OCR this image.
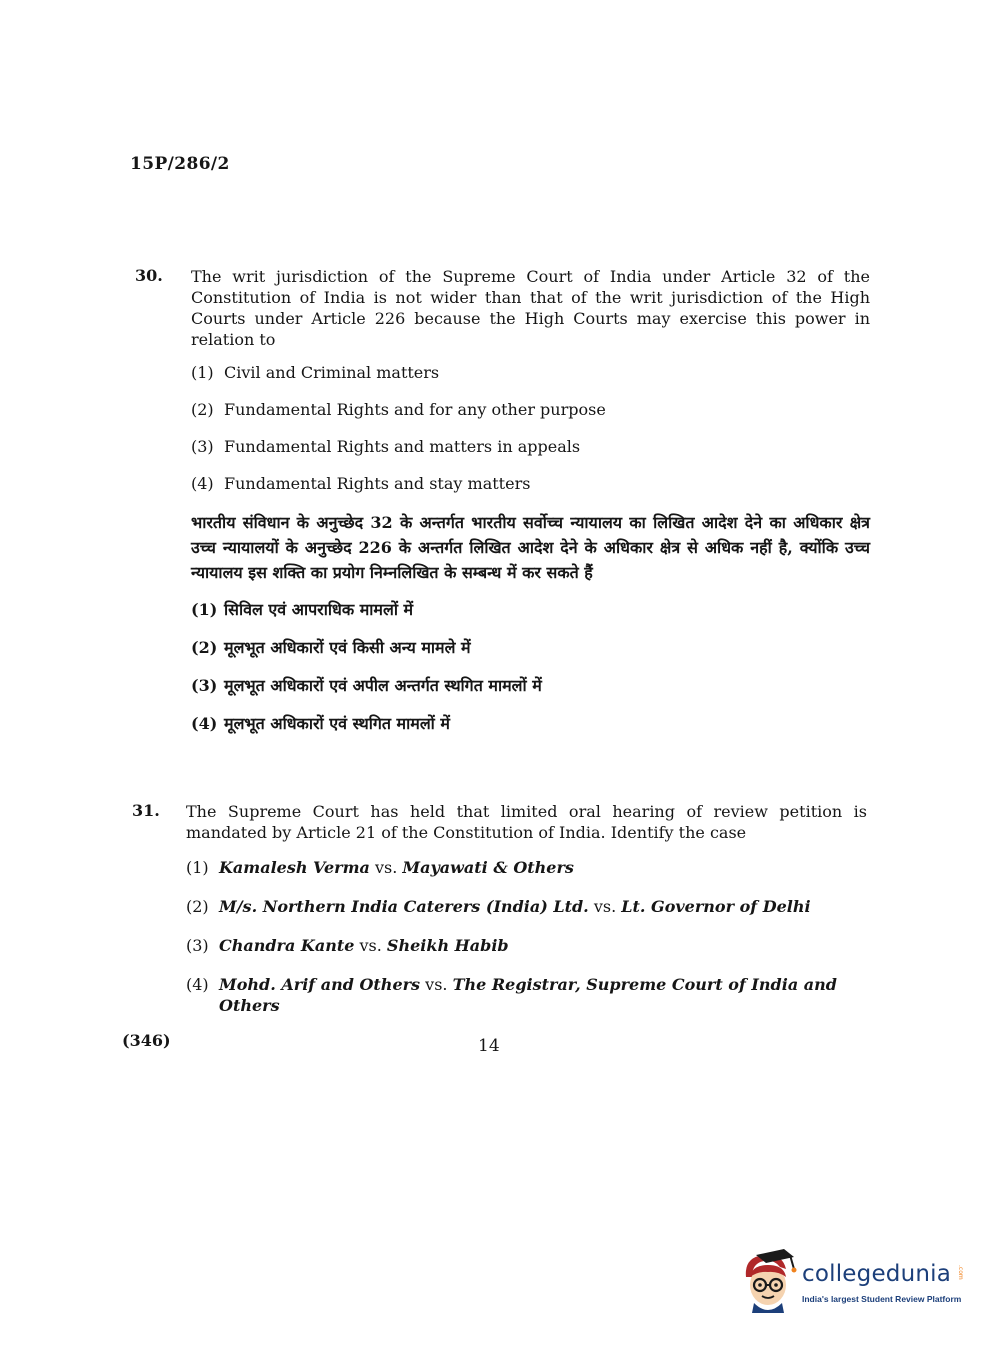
15P/286/2
30.	The writ jurisdiction of the Supreme Court of India under Article 32 of the Constitution of India is not wider than that of the writ jurisdiction of the High Courts under Article 226 because the High Courts may exercise this power in relation to

(1) Civil and Criminal matters
(2) Fundamental Rights and for any other purpose
(3) Fundamental Rights and matters in appeals
(4) Fundamental Rights and stay matters

भारतीय संविधान के अनुच्छेद 32 के अन्तर्गत भारतीय सर्वोच्च न्यायालय का लिखित आदेश देने का अधिकार क्षेत्र उच्च न्यायालयों के अनुच्छेद 226 के अन्तर्गत लिखित आदेश देने के अधिकार क्षेत्र से अधिक नहीं है, क्योंकि उच्च न्यायालय इस शक्ति का प्रयोग निम्नलिखित के सम्बन्ध में कर सकते हैं

(1) सिविल एवं आपराधिक मामलों में
(2) मूलभूत अधिकारों एवं किसी अन्य मामले में
(3) मूलभूत अधिकारों एवं अपील अन्तर्गत स्थगित मामलों में
(4) मूलभूत अधिकारों एवं स्थगित मामलों में
31.	The Supreme Court has held that limited oral hearing of review petition is mandated by Article 21 of the Constitution of India. Identify the case

(1) Kamalesh Verma vs. Mayawati & Others
(2) M/s. Northern India Caterers (India) Ltd. vs. Lt. Governor of Delhi
(3) Chandra Kante vs. Sheikh Habib
(4) Mohd. Arif and Others vs. The Registrar, Supreme Court of India and Others
(346)	14
collegedunia .com
India's largest Student Review Platform
